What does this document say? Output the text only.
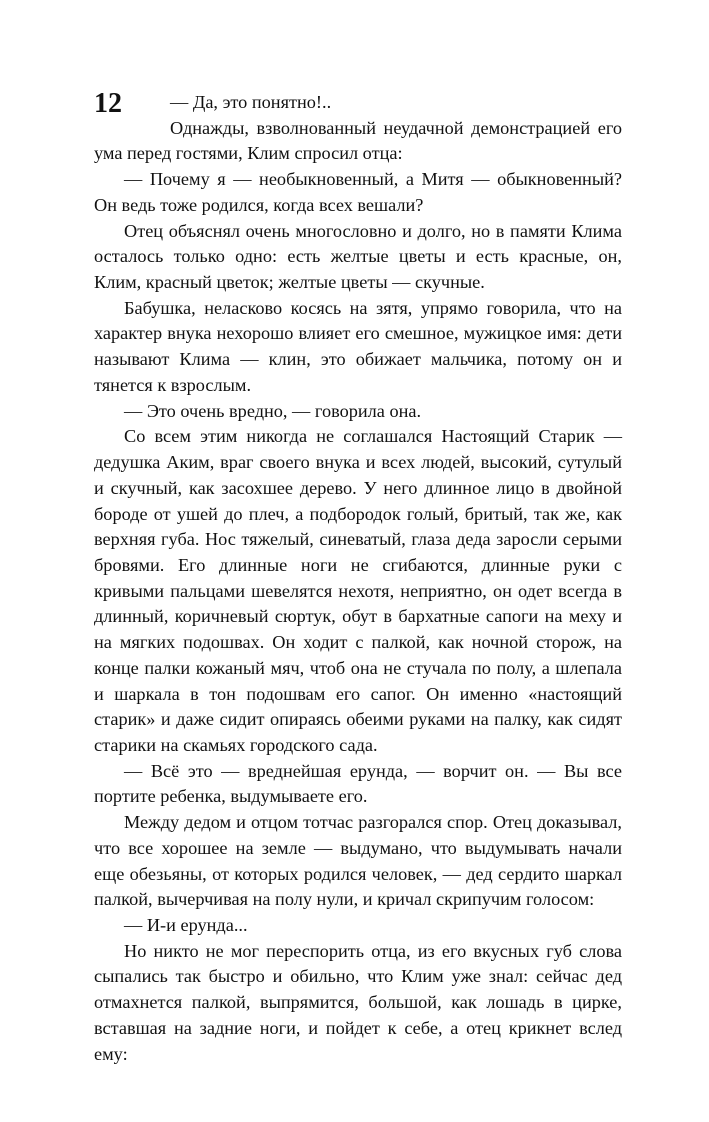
12	— Да, это понятно!..

Однажды, взволнованный неудачной демонстрацией его ума перед гостями, Клим спросил отца:

— Почему я — необыкновенный, а Митя — обыкновенный? Он ведь тоже родился, когда всех вешали?

Отец объяснял очень многословно и долго, но в памяти Клима осталось только одно: есть желтые цветы и есть красные, он, Клим, красный цветок; желтые цветы — скучные.

Бабушка, неласково косясь на зятя, упрямо говорила, что на характер внука нехорошо влияет его смешное, мужицкое имя: дети называют Клима — клин, это обижает мальчика, потому он и тянется к взрослым.

— Это очень вредно, — говорила она.

Со всем этим никогда не соглашался Настоящий Старик — дедушка Аким, враг своего внука и всех людей, высокий, сутулый и скучный, как засохшее дерево. У него длинное лицо в двойной бороде от ушей до плеч, а подбородок голый, бритый, так же, как верхняя губа. Нос тяжелый, синеватый, глаза деда заросли серыми бровями. Его длинные ноги не сгибаются, длинные руки с кривыми пальцами шевелятся нехотя, неприятно, он одет всегда в длинный, коричневый сюртук, обут в бархатные сапоги на меху и на мягких подошвах. Он ходит с палкой, как ночной сторож, на конце палки кожаный мяч, чтоб она не стучала по полу, а шлепала и шаркала в тон подошвам его сапог. Он именно «настоящий старик» и даже сидит опираясь обеими руками на палку, как сидят старики на скамьях городского сада.

— Всё это — вреднейшая ерунда, — ворчит он. — Вы все портите ребенка, выдумываете его.

Между дедом и отцом тотчас разгорался спор. Отец доказывал, что все хорошее на земле — выдумано, что выдумывать начали еще обезьяны, от которых родился человек, — дед сердито шаркал палкой, вычерчивая на полу нули, и кричал скрипучим голосом:

— И-и ерунда...

Но никто не мог переспорить отца, из его вкусных губ слова сыпались так быстро и обильно, что Клим уже знал: сейчас дед отмахнется палкой, выпрямится, большой, как лошадь в цирке, вставшая на задние ноги, и пойдет к себе, а отец крикнет вслед ему:
